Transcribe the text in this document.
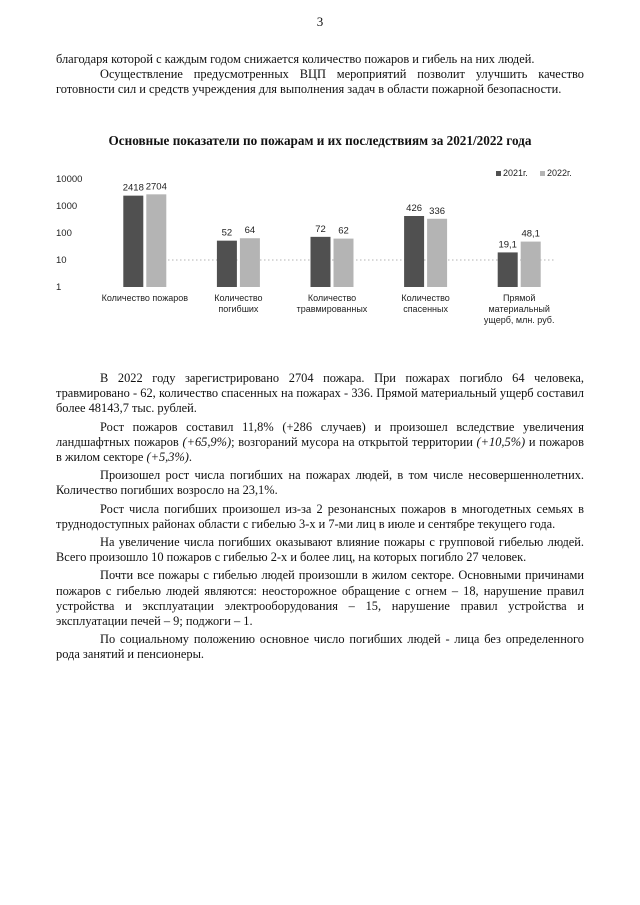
3

благодаря которой с каждым годом снижается количество пожаров и гибель на них людей.

Осуществление предусмотренных ВЦП мероприятий позволит улучшить качество готовности сил и средств учреждения для выполнения задач в области пожарной безопасности.

Основные показатели по пожарам и их последствиям за 2021/2022 года
10000
1000
100
10
1
2418 2704
Количество пожаров
52 64
Количество
погибших
72 62
Количество
травмированных
426 336
Количество
спасенных
19,1
48,1
Прямой
материальный
ущерб, млн. руб.
2021г. 2022г.

В 2022 году зарегистрировано 2704 пожара. При пожарах погибло 64 человека, травмировано - 62, количество спасенных на пожарах - 336. Прямой материальный ущерб составил более 48143,7 тыс. рублей.

Рост пожаров составил 11,8% (+286 случаев) и произошел вследствие увеличения ландшафтных пожаров (+65,9%); возгораний мусора на открытой территории (+10,5%) и пожаров в жилом секторе (+5,3%).

Произошел рост числа погибших на пожарах людей, в том числе несовершеннолетних. Количество погибших возросло на 23,1%.

Рост числа погибших произошел из-за 2 резонансных пожаров в многодетных семьях в труднодоступных районах области с гибелью 3-х и 7-ми лиц в июле и сентябре текущего года.

На увеличение числа погибших оказывают влияние пожары с групповой гибелью людей. Всего произошло 10 пожаров с гибелью 2-х и более лиц, на которых погибло 27 человек.

Почти все пожары с гибелью людей произошли в жилом секторе. Основными причинами пожаров с гибелью людей являются: неосторожное обращение с огнем – 18, нарушение правил устройства и эксплуатации электрооборудования – 15, нарушение правил устройства и эксплуатации печей – 9; поджоги – 1.

По социальному положению основное число погибших людей - лица без определенного рода занятий и пенсионеры.
